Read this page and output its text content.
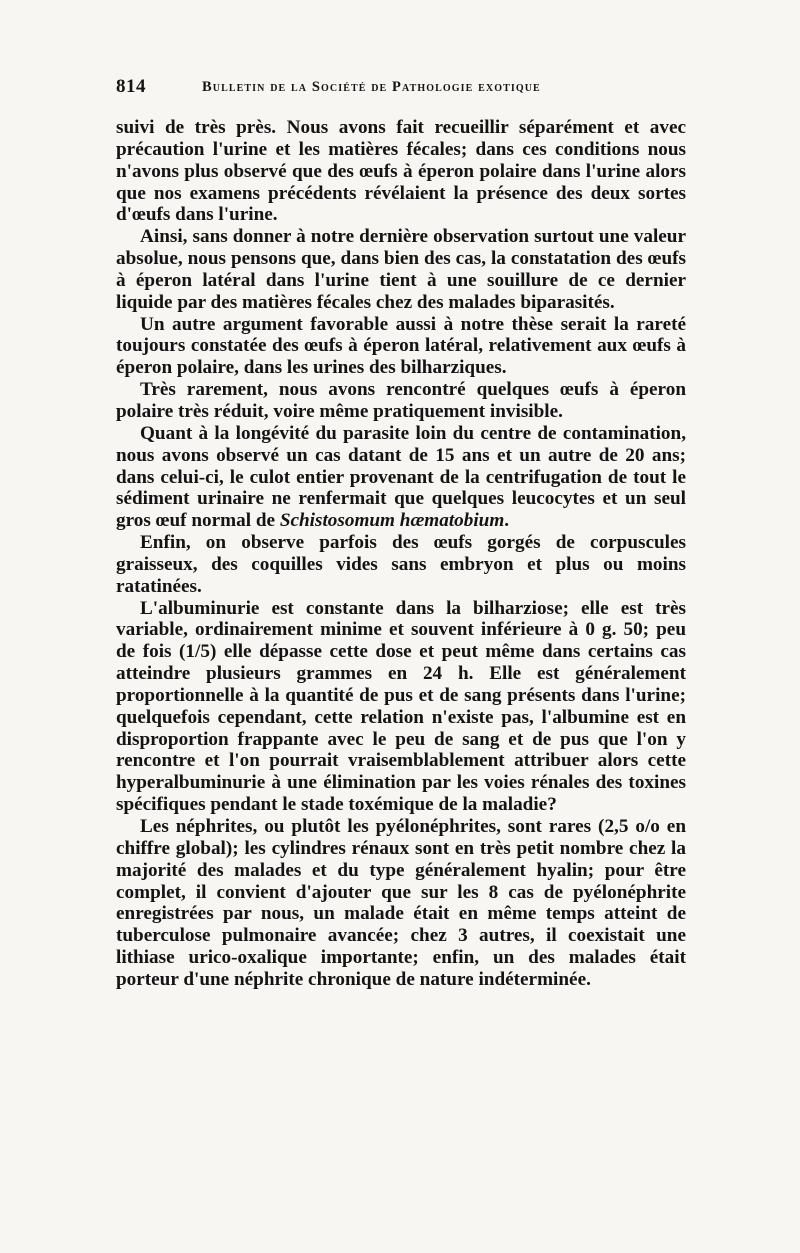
814	Bulletin de la Société de Pathologie exotique

suivi de très près. Nous avons fait recueillir séparément et avec précaution l'urine et les matières fécales; dans ces conditions nous n'avons plus observé que des œufs à éperon polaire dans l'urine alors que nos examens précédents révélaient la présence des deux sortes d'œufs dans l'urine.

Ainsi, sans donner à notre dernière observation surtout une valeur absolue, nous pensons que, dans bien des cas, la constatation des œufs à éperon latéral dans l'urine tient à une souillure de ce dernier liquide par des matières fécales chez des malades biparasités.

Un autre argument favorable aussi à notre thèse serait la rareté toujours constatée des œufs à éperon latéral, relativement aux œufs à éperon polaire, dans les urines des bilharziques.

Très rarement, nous avons rencontré quelques œufs à éperon polaire très réduit, voire même pratiquement invisible.

Quant à la longévité du parasite loin du centre de contamination, nous avons observé un cas datant de 15 ans et un autre de 20 ans; dans celui-ci, le culot entier provenant de la centrifugation de tout le sédiment urinaire ne renfermait que quelques leucocytes et un seul gros œuf normal de Schistosomum hæmatobium.

Enfin, on observe parfois des œufs gorgés de corpuscules graisseux, des coquilles vides sans embryon et plus ou moins ratatinées.

L'albuminurie est constante dans la bilharziose; elle est très variable, ordinairement minime et souvent inférieure à 0 g. 50; peu de fois (1/5) elle dépasse cette dose et peut même dans certains cas atteindre plusieurs grammes en 24 h. Elle est généralement proportionnelle à la quantité de pus et de sang présents dans l'urine; quelquefois cependant, cette relation n'existe pas, l'albumine est en disproportion frappante avec le peu de sang et de pus que l'on y rencontre et l'on pourrait vraisemblablement attribuer alors cette hyperalbuminurie à une élimination par les voies rénales des toxines spécifiques pendant le stade toxémique de la maladie?

Les néphrites, ou plutôt les pyélonéphrites, sont rares (2,5 o/o en chiffre global); les cylindres rénaux sont en très petit nombre chez la majorité des malades et du type généralement hyalin; pour être complet, il convient d'ajouter que sur les 8 cas de pyélonéphrite enregistrées par nous, un malade était en même temps atteint de tuberculose pulmonaire avancée; chez 3 autres, il coexistait une lithiase urico-oxalique importante; enfin, un des malades était porteur d'une néphrite chronique de nature indéterminée.
